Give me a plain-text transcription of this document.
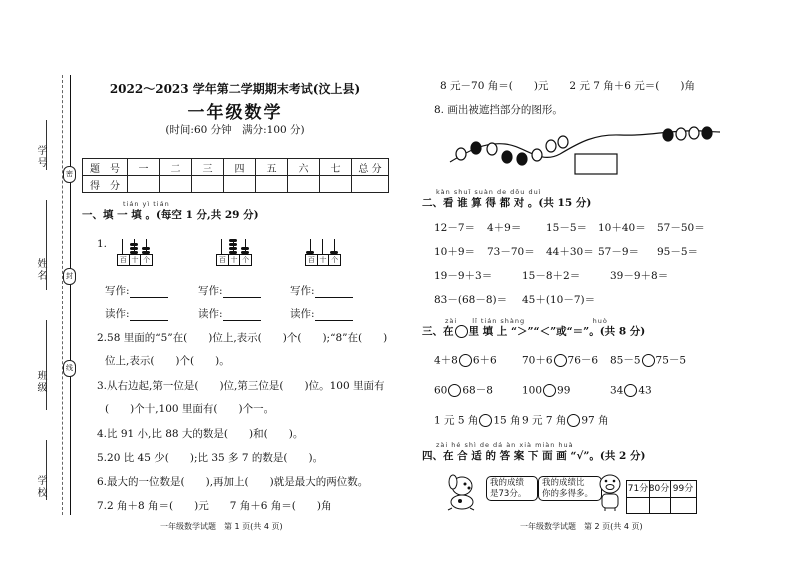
学号
姓名
班级
学校
密
封
线
2022～2023 学年第二学期期末考试(汶上县)
一年级数学
(时间:60 分钟　满分:100 分)
题　号	一	二	三	四	五	六	七	总 分
得　分								
tián yì tián
一、填 一 填 。(每空 1 分,共 29 分)
1.
百 十 个	百 十 个	百 十 个
写作:	写作:	写作:
读作:	读作:	读作:
2.58 里面的“5”在(　　)位上,表示(　　)个(　　);“8”在(　　)
位上,表示(　　)个(　　)。
3.从右边起,第一位是(　　)位,第三位是(　　)位。100 里面有
(　　)个十,100 里面有(　　)个一。
4.比 91 小,比 88 大的数是(　　)和(　　)。
5.20 比 45 少(　　);比 35 多 7 的数是(　　)。
6.最大的一位数是(　　),再加上(　　)就是最大的两位数。
7.2 角＋8 角＝(　　)元　　7 角＋6 角＝(　　)角
一年级数学试题　第 1 页(共 4 页)
8 元－70 角＝(　　)元　　2 元 7 角＋6 元＝(　　)角
8. 画出被遮挡部分的图形。
kàn shuǐ suàn de dōu duì
二、看 谁 算 得 都 对 。(共 15 分)
12－7＝ 4＋9＝ 15－5＝ 10＋40＝ 57－50＝
10＋9＝ 73－70＝ 44＋30＝ 57－9＝ 95－5＝
19－9＋3＝	15－8＋2＝	39－9＋8＝
83－(68－8)＝ 45＋(10－7)＝
zài　　lǐ tián shàng　　　　　　　　　huò
三、在 里 填 上 “＞”“＜”或“＝”。(共 8 分)
4＋8 6＋6 70＋6 76－6 85－5 75－5
60 68－8	100 99	34 43
1 元 5 角 15 角 9 元 7 角 97 角
zài hé shì de dá àn xià miàn huà
四、在 合 适 的 答 案 下 面 画 “√”。(共 2 分)
我的成绩
是73分。
我的成绩比
你的多得多。	71分 80分 99分
一年级数学试题　第 2 页(共 4 页)
